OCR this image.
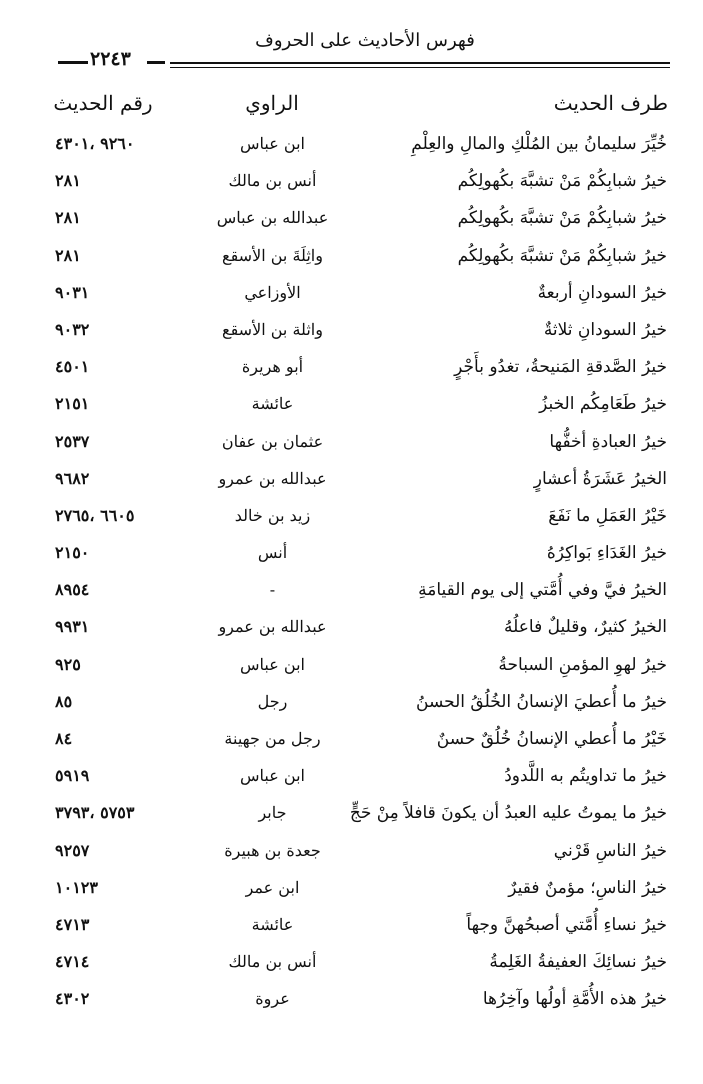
فهرس الأحاديث على الحروف
٢٢٤٣
طرف الحديث
الراوي
رقم الحديث
خُيِّرَ سليمانُ بين المُلْكِ والمالِ والعِلْمِ
ابن عباس
٩٢٦٠ ،٤٣٠١
خيرُ شبابِكُمْ مَنْ تشبَّهَ بكُهولِكُم
أنس بن مالك
٢٨١
خيرُ شبابِكُمْ مَنْ تشبَّهَ بكُهولِكُم
عبدالله بن عباس
٢٨١
خيرُ شبابِكُمْ مَنْ تشبَّهَ بكُهولِكُم
واثِلَةَ بن الأسقع
٢٨١
خيرُ السودانِ أربعةٌ
الأوزاعي
٩٠٣١
خيرُ السودانِ ثلاثةٌ
واثلة بن الأسقع
٩٠٣٢
خيرُ الصَّدقةِ المَنيحةُ، تغدُو بأَجْرٍ
أبو هريرة
٤٥٠١
خيرُ طَعَامِكُم الخبزُ
عائشة
٢١٥١
خيرُ العبادةِ أخفُّها
عثمان بن عفان
٢٥٣٧
الخيرُ عَشَرَةُ أعشارٍ
عبدالله بن عمرو
٩٦٨٢
خَيْرُ العَمَلِ ما نَفَعَ
زيد بن خالد
٦٦٠٥ ،٢٧٦٥
خيرُ الغَدَاءِ بَواكِرُهُ
أنس
٢١٥٠
الخيرُ فيَّ وفي أُمَّتي إلى يوم القيامَةِ
-
٨٩٥٤
الخيرُ كثيرٌ، وقليلٌ فاعلُهُ
عبدالله بن عمرو
٩٩٣١
خيرُ لهوِ المؤمنِ السباحةُ
ابن عباس
٩٢٥
خيرُ ما أُعطيَ الإنسانُ الخُلُقُ الحسنُ
رجل
٨٥
خَيْرُ ما أُعطي الإنسانُ خُلُقٌ حسنٌ
رجل من جهينة
٨٤
خيرُ ما تداويتُم به اللَّدودُ
ابن عباس
٥٩١٩
خيرُ ما يموتُ عليه العبدُ أن يكونَ قافلاً مِنْ حَجٍّ
جابر
٥٧٥٣ ،٣٧٩٣
خيرُ الناسِ قَرْني
جعدة بن هبيرة
٩٢٥٧
خيرُ الناسِ؛ مؤمنٌ فقيرٌ
ابن عمر
١٠١٢٣
خيرُ نساءِ أُمَّتي أصبحُهنَّ وجهاً
عائشة
٤٧١٣
خيرُ نسائِكَ العفيفةُ الغَلِمةُ
أنس بن مالك
٤٧١٤
خيرُ هذه الأُمَّةِ أولُها وآخِرُها
عروة
٤٣٠٢
